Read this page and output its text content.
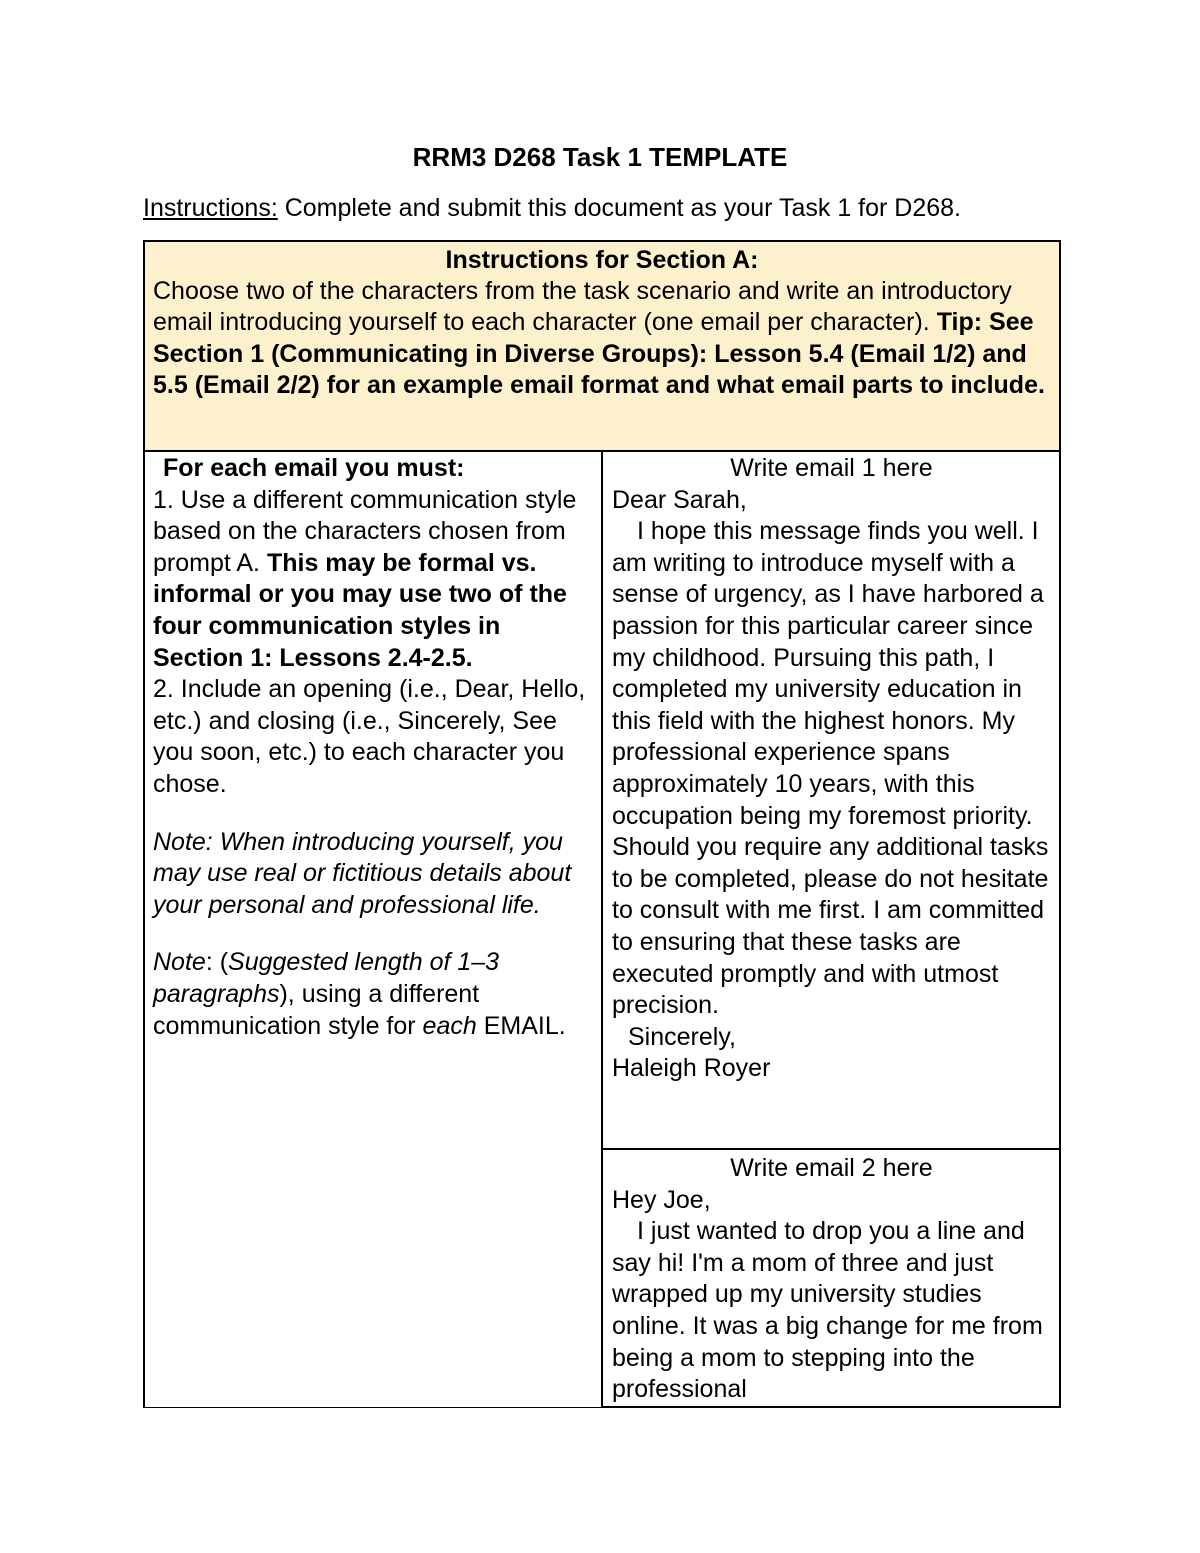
RRM3 D268 Task 1 TEMPLATE
Instructions: Complete and submit this document as your Task 1 for D268.
Instructions for Section A:
Choose two of the characters from the task scenario and write an introductory email introducing yourself to each character (one email per character). Tip: See Section 1 (Communicating in Diverse Groups): Lesson 5.4 (Email 1/2) and 5.5 (Email 2/2) for an example email format and what email parts to include.

For each email you must:

1. Use a different communication style based on the characters chosen from prompt A. This may be formal vs. informal or you may use two of the four communication styles in Section 1: Lessons 2.4-2.5.

2. Include an opening (i.e., Dear, Hello, etc.) and closing (i.e., Sincerely, See you soon, etc.) to each character you chose.

Note: When introducing yourself, you may use real or fictitious details about your personal and professional life.

Note: (Suggested length of 1–3 paragraphs), using a different communication style for each EMAIL.

Write email 1 here

Dear Sarah,

I hope this message finds you well. I am writing to introduce myself with a sense of urgency, as I have harbored a passion for this particular career since my childhood. Pursuing this path, I completed my university education in this field with the highest honors. My professional experience spans approximately 10 years, with this occupation being my foremost priority. Should you require any additional tasks to be completed, please do not hesitate to consult with me first. I am committed to ensuring that these tasks are executed promptly and with utmost precision.

Sincerely,

Haleigh Royer

Write email 2 here

Hey Joe,

I just wanted to drop you a line and say hi! I'm a mom of three and just wrapped up my university studies online. It was a big change for me from being a mom to stepping into the professional
